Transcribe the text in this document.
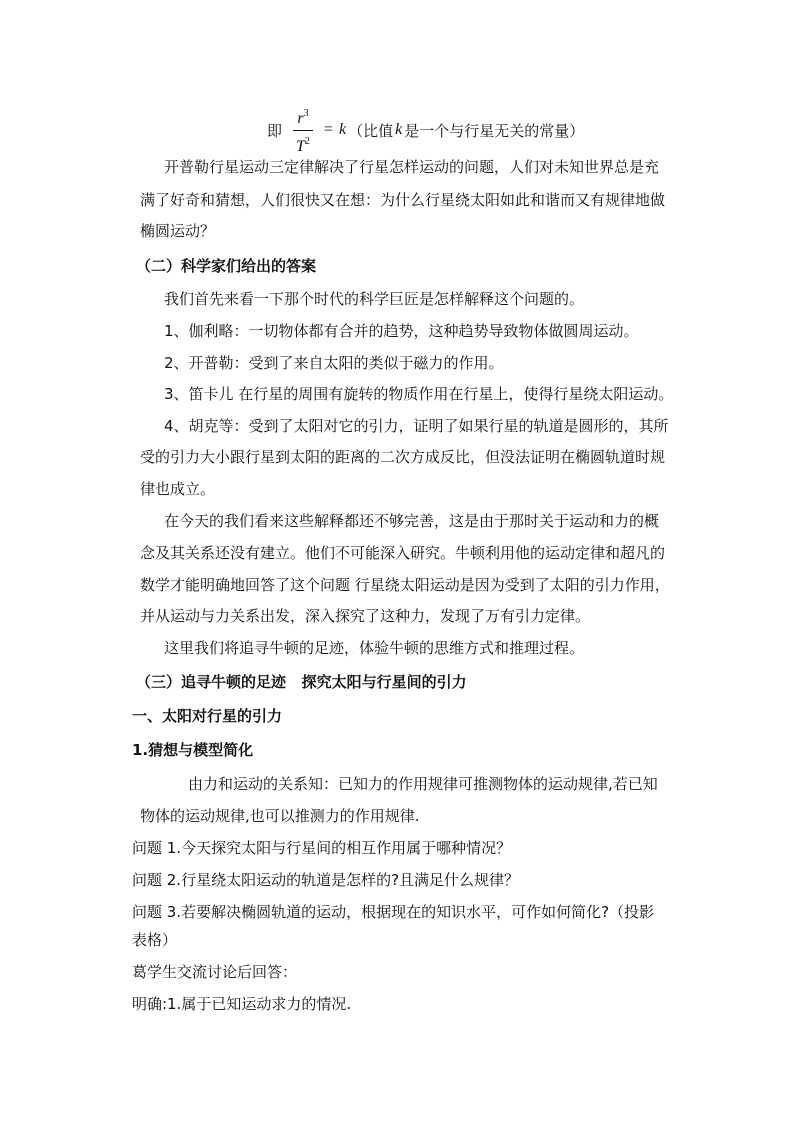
即 $\frac{r^3}{T^2} = k$ （比值 k 是一个与行星无关的常量）
开普勒行星运动三定律解决了行星怎样运动的问题，人们对未知世界总是充
满了好奇和猜想，人们很快又在想：为什么行星绕太阳如此和谐而又有规律地做
椭圆运动？
（二）科学家们给出的答案
我们首先来看一下那个时代的科学巨匠是怎样解释这个问题的。
1、伽利略：一切物体都有合并的趋势，这种趋势导致物体做圆周运动。
2、开普勒：受到了来自太阳的类似于磁力的作用。
3、笛卡儿 在行星的周围有旋转的物质作用在行星上，使得行星绕太阳运动。
4、胡克等：受到了太阳对它的引力，证明了如果行星的轨道是圆形的，其所
受的引力大小跟行星到太阳的距离的二次方成反比，但没法证明在椭圆轨道时规
律也成立。
在今天的我们看来这些解释都还不够完善，这是由于那时关于运动和力的概
念及其关系还没有建立。他们不可能深入研究。牛顿利用他的运动定律和超凡的
数学才能明确地回答了这个问题 行星绕太阳运动是因为受到了太阳的引力作用，
并从运动与力关系出发，深入探究了这种力，发现了万有引力定律。
这里我们将追寻牛顿的足迹，体验牛顿的思维方式和推理过程。
（三）追寻牛顿的足迹   探究太阳与行星间的引力
一、太阳对行星的引力
1.猜想与模型简化
由力和运动的关系知：已知力的作用规律可推测物体的运动规律,若已知
物体的运动规律,也可以推测力的作用规律.
问题 1.今天探究太阳与行星间的相互作用属于哪种情况？
问题 2.行星绕太阳运动的轨道是怎样的?且满足什么规律？
问题 3.若要解决椭圆轨道的运动，根据现在的知识水平，可作如何简化?（投影
表格）
葛学生交流讨论后回答：
明确:1.属于已知运动求力的情况.
